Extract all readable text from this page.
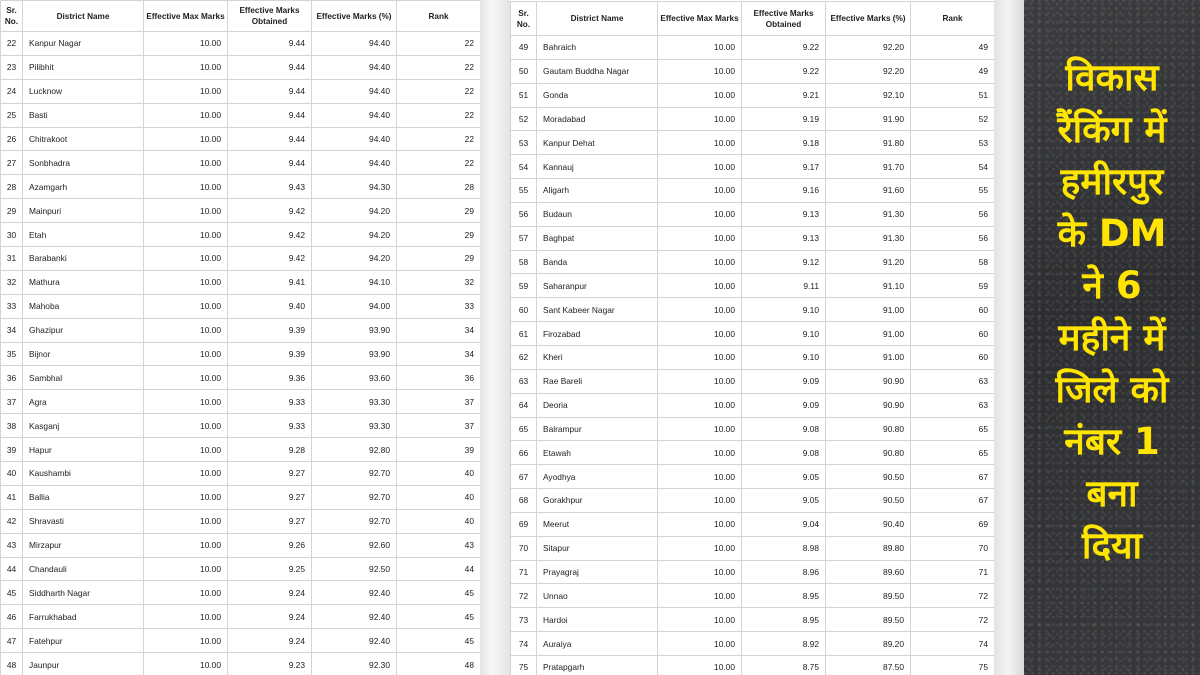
Sr. No.	District Name	Effective Max Marks	Effective Marks Obtained	Effective Marks (%)	Rank
22	Kanpur Nagar	10.00	9.44	94.40	22
23	Pilibhit	10.00	9.44	94.40	22
24	Lucknow	10.00	9.44	94.40	22
25	Basti	10.00	9.44	94.40	22
26	Chitrakoot	10.00	9.44	94.40	22
27	Sonbhadra	10.00	9.44	94.40	22
28	Azamgarh	10.00	9.43	94.30	28
29	Mainpuri	10.00	9.42	94.20	29
30	Etah	10.00	9.42	94.20	29
31	Barabanki	10.00	9.42	94.20	29
32	Mathura	10.00	9.41	94.10	32
33	Mahoba	10.00	9.40	94.00	33
34	Ghazipur	10.00	9.39	93.90	34
35	Bijnor	10.00	9.39	93.90	34
36	Sambhal	10.00	9.36	93.60	36
37	Agra	10.00	9.33	93.30	37
38	Kasganj	10.00	9.33	93.30	37
39	Hapur	10.00	9.28	92.80	39
40	Kaushambi	10.00	9.27	92.70	40
41	Ballia	10.00	9.27	92.70	40
42	Shravasti	10.00	9.27	92.70	40
43	Mirzapur	10.00	9.26	92.60	43
44	Chandauli	10.00	9.25	92.50	44
45	Siddharth Nagar	10.00	9.24	92.40	45
46	Farrukhabad	10.00	9.24	92.40	45
47	Fatehpur	10.00	9.24	92.40	45
48	Jaunpur	10.00	9.23	92.30	48
Sr. No.	District Name	Effective Max Marks	Effective Marks Obtained	Effective Marks (%)	Rank
49	Bahraich	10.00	9.22	92.20	49
50	Gautam Buddha Nagar	10.00	9.22	92.20	49
51	Gonda	10.00	9.21	92.10	51
52	Moradabad	10.00	9.19	91.90	52
53	Kanpur Dehat	10.00	9.18	91.80	53
54	Kannauj	10.00	9.17	91.70	54
55	Aligarh	10.00	9.16	91.60	55
56	Budaun	10.00	9.13	91.30	56
57	Baghpat	10.00	9.13	91.30	56
58	Banda	10.00	9.12	91.20	58
59	Saharanpur	10.00	9.11	91.10	59
60	Sant Kabeer Nagar	10.00	9.10	91.00	60
61	Firozabad	10.00	9.10	91.00	60
62	Kheri	10.00	9.10	91.00	60
63	Rae Bareli	10.00	9.09	90.90	63
64	Deoria	10.00	9.09	90.90	63
65	Balrampur	10.00	9.08	90.80	65
66	Etawah	10.00	9.08	90.80	65
67	Ayodhya	10.00	9.05	90.50	67
68	Gorakhpur	10.00	9.05	90.50	67
69	Meerut	10.00	9.04	90.40	69
70	Sitapur	10.00	8.98	89.80	70
71	Prayagraj	10.00	8.96	89.60	71
72	Unnao	10.00	8.95	89.50	72
73	Hardoi	10.00	8.95	89.50	72
74	Auraiya	10.00	8.92	89.20	74
75	Pratapgarh	10.00	8.75	87.50	75
विकास
रैंकिंग में
हमीरपुर
के DM
ने 6
महीने में
जिले को
नंबर 1
बना
दिया
